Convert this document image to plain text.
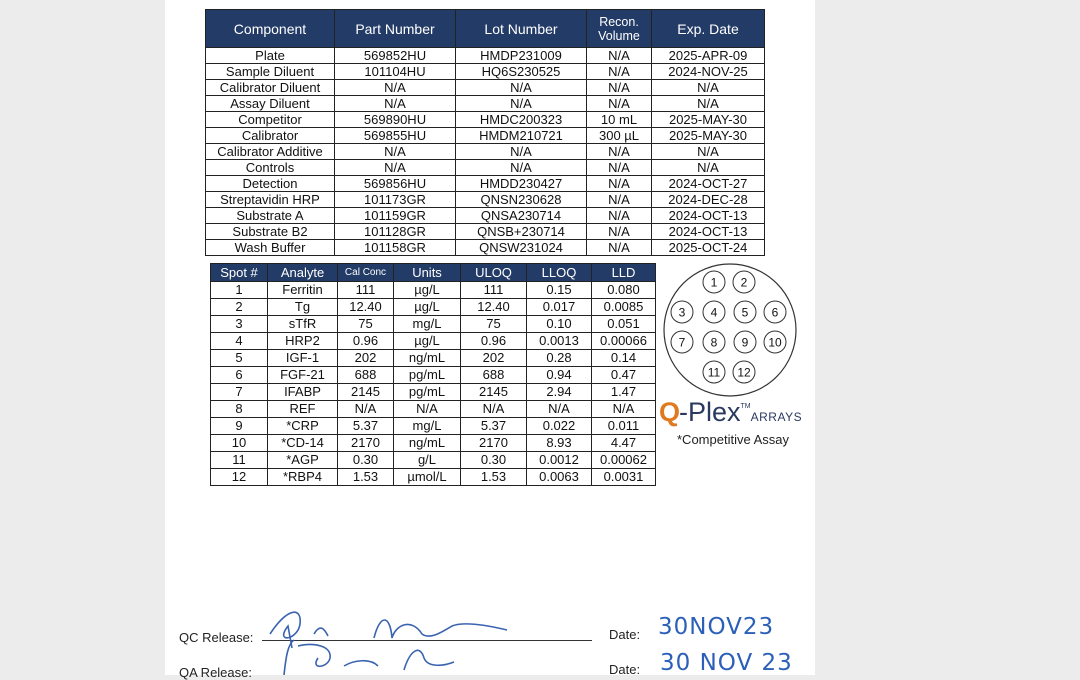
Component	Part Number	Lot Number	Recon. Volume	Exp. Date
Plate	569852HU	HMDP231009	N/A	2025-APR-09
Sample Diluent	101104HU	HQ6S230525	N/A	2024-NOV-25
Calibrator Diluent	N/A	N/A	N/A	N/A
Assay Diluent	N/A	N/A	N/A	N/A
Competitor	569890HU	HMDC200323	10 mL	2025-MAY-30
Calibrator	569855HU	HMDM210721	300 µL	2025-MAY-30
Calibrator Additive	N/A	N/A	N/A	N/A
Controls	N/A	N/A	N/A	N/A
Detection	569856HU	HMDD230427	N/A	2024-OCT-27
Streptavidin HRP	101173GR	QNSN230628	N/A	2024-DEC-28
Substrate A	101159GR	QNSA230714	N/A	2024-OCT-13
Substrate B2	101128GR	QNSB+230714	N/A	2024-OCT-13
Wash Buffer	101158GR	QNSW231024	N/A	2025-OCT-24
Spot #	Analyte	Cal Conc	Units	ULOQ	LLOQ	LLD
1	Ferritin	111	µg/L	111	0.15	0.080
2	Tg	12.40	µg/L	12.40	0.017	0.0085
3	sTfR	75	mg/L	75	0.10	0.051
4	HRP2	0.96	µg/L	0.96	0.0013	0.00066
5	IGF-1	202	ng/mL	202	0.28	0.14
6	FGF-21	688	pg/mL	688	0.94	0.47
7	IFABP	2145	pg/mL	2145	2.94	1.47
8	REF	N/A	N/A	N/A	N/A	N/A
9	*CRP	5.37	mg/L	5.37	0.022	0.011
10	*CD-14	2170	ng/mL	2170	8.93	4.47
11	*AGP	0.30	g/L	0.30	0.0012	0.00062
12	*RBP4	1.53	µmol/L	1.53	0.0063	0.0031
1 2
3 4 5 6
7 8 9 10
11 12
Q-Plex™ARRAYS
*Competitive Assay
QC Release:	Date: 30NOV23
QA Release:	Date: 30 NOV 23
